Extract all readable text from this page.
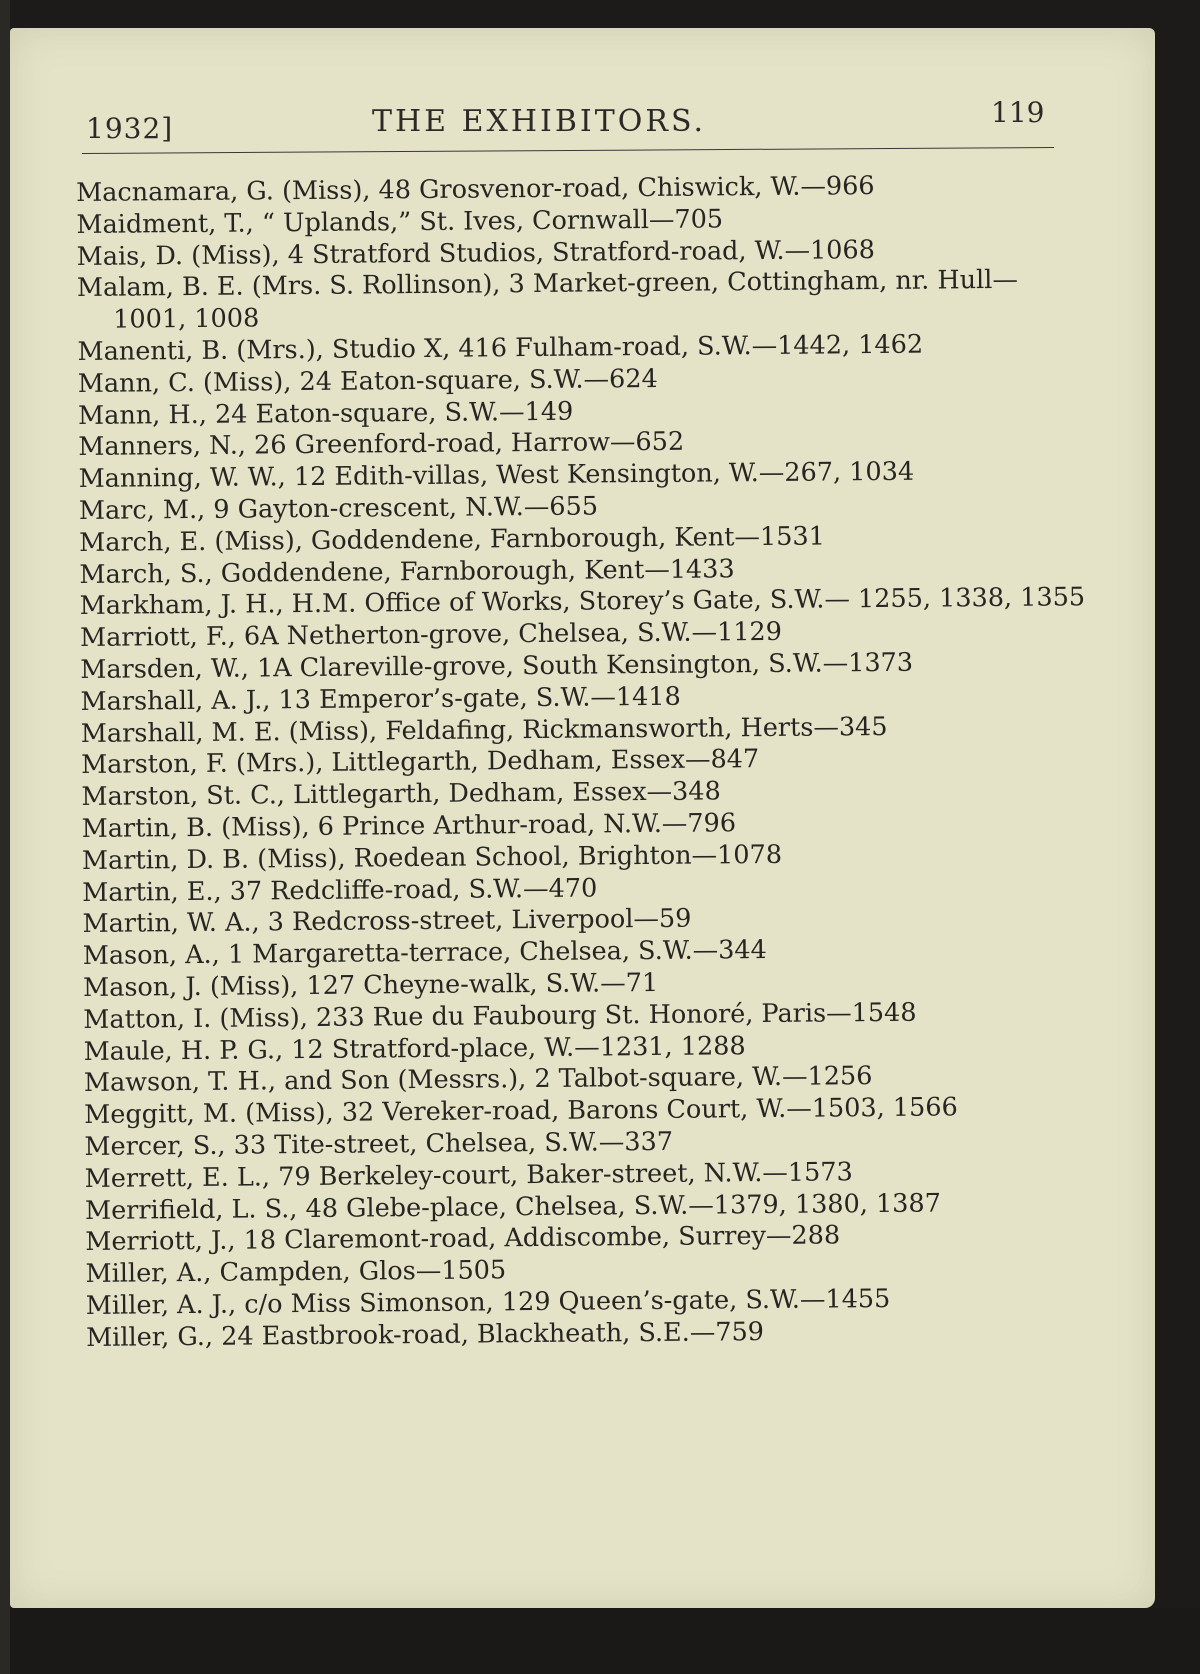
1932]	THE EXHIBITORS.	119
Macnamara, G. (Miss), 48 Grosvenor-road, Chiswick, W.—966
Maidment, T., “ Uplands,” St. Ives, Cornwall—705
Mais, D. (Miss), 4 Stratford Studios, Stratford-road, W.—1068
Malam, B. E. (Mrs. S. Rollinson), 3 Market-green, Cottingham, nr. Hull—1001, 1008
Manenti, B. (Mrs.), Studio X, 416 Fulham-road, S.W.—1442, 1462
Mann, C. (Miss), 24 Eaton-square, S.W.—624
Mann, H., 24 Eaton-square, S.W.—149
Manners, N., 26 Greenford-road, Harrow—652
Manning, W. W., 12 Edith-villas, West Kensington, W.—267, 1034
Marc, M., 9 Gayton-crescent, N.W.—655
March, E. (Miss), Goddendene, Farnborough, Kent—1531
March, S., Goddendene, Farnborough, Kent—1433
Markham, J. H., H.M. Office of Works, Storey’s Gate, S.W.— 1255, 1338, 1355
Marriott, F., 6A Netherton-grove, Chelsea, S.W.—1129
Marsden, W., 1A Clareville-grove, South Kensington, S.W.—1373
Marshall, A. J., 13 Emperor’s-gate, S.W.—1418
Marshall, M. E. (Miss), Feldafing, Rickmansworth, Herts—345
Marston, F. (Mrs.), Littlegarth, Dedham, Essex—847
Marston, St. C., Littlegarth, Dedham, Essex—348
Martin, B. (Miss), 6 Prince Arthur-road, N.W.—796
Martin, D. B. (Miss), Roedean School, Brighton—1078
Martin, E., 37 Redcliffe-road, S.W.—470
Martin, W. A., 3 Redcross-street, Liverpool—59
Mason, A., 1 Margaretta-terrace, Chelsea, S.W.—344
Mason, J. (Miss), 127 Cheyne-walk, S.W.—71
Matton, I. (Miss), 233 Rue du Faubourg St. Honoré, Paris—1548
Maule, H. P. G., 12 Stratford-place, W.—1231, 1288
Mawson, T. H., and Son (Messrs.), 2 Talbot-square, W.—1256
Meggitt, M. (Miss), 32 Vereker-road, Barons Court, W.—1503, 1566
Mercer, S., 33 Tite-street, Chelsea, S.W.—337
Merrett, E. L., 79 Berkeley-court, Baker-street, N.W.—1573
Merrifield, L. S., 48 Glebe-place, Chelsea, S.W.—1379, 1380, 1387
Merriott, J., 18 Claremont-road, Addiscombe, Surrey—288
Miller, A., Campden, Glos—1505
Miller, A. J., c/o Miss Simonson, 129 Queen’s-gate, S.W.—1455
Miller, G., 24 Eastbrook-road, Blackheath, S.E.—759
